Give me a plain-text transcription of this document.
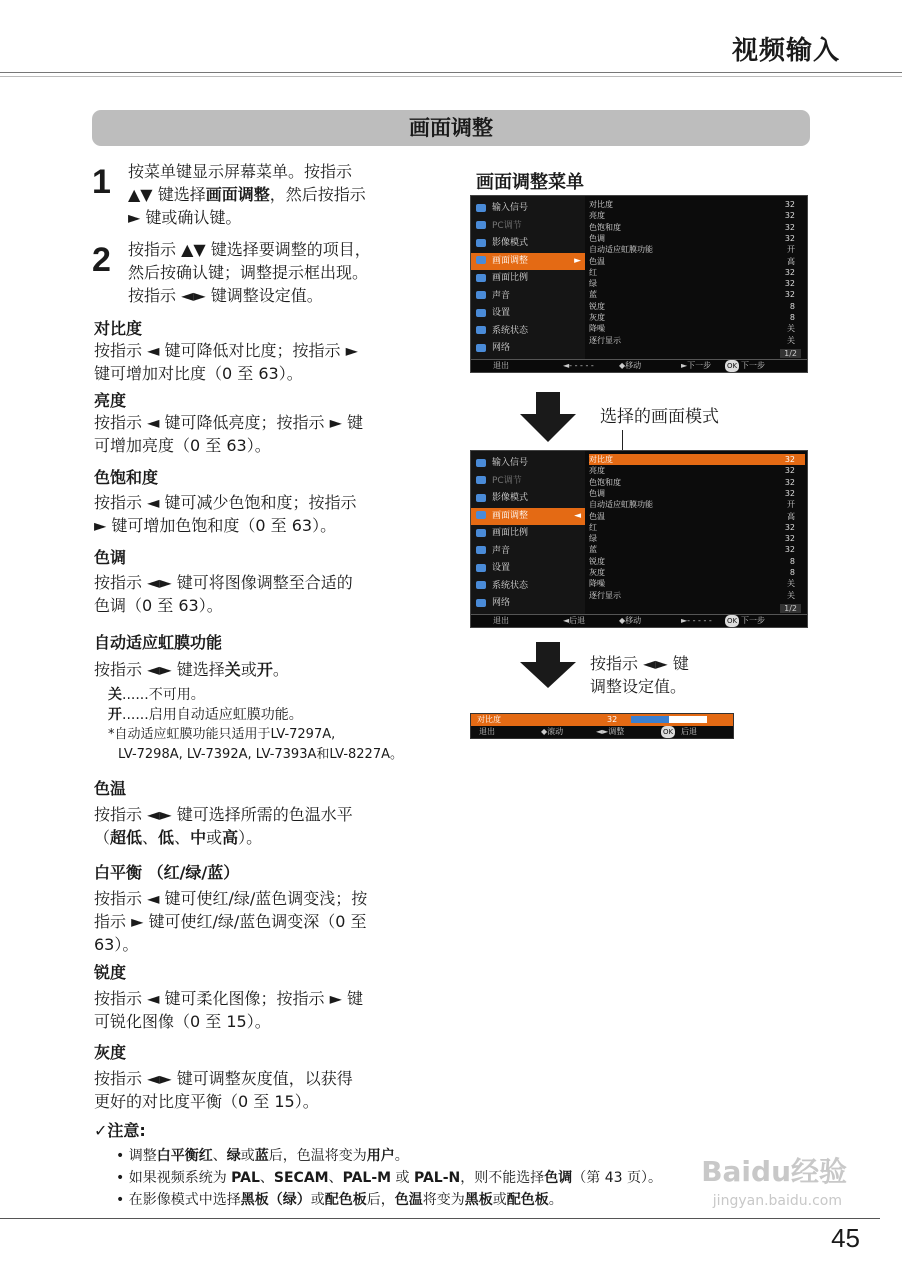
视频输入
画面调整
1 按菜单键显示屏幕菜单。按指示
▲▼ 键选择画面调整，然后按指示
► 键或确认键。
2 按指示 ▲▼ 键选择要调整的项目，
然后按确认键；调整提示框出现。
按指示 ◄► 键调整设定值。
对比度
按指示 ◄ 键可降低对比度；按指示 ►
键可增加对比度（0 至 63）。
亮度
按指示 ◄ 键可降低亮度；按指示 ► 键
可增加亮度（0 至 63）。
色饱和度
按指示 ◄ 键可减少色饱和度；按指示
► 键可增加色饱和度（0 至 63）。
色调
按指示 ◄► 键可将图像调整至合适的
色调（0 至 63）。
自动适应虹膜功能
按指示 ◄► 键选择关或开。
关......不可用。
开......启用自动适应虹膜功能。
*自动适应虹膜功能只适用于LV-7297A,
LV-7298A, LV-7392A, LV-7393A和LV-8227A。
色温
按指示 ◄► 键可选择所需的色温水平
（超低、低、中或高）。
白平衡 （红/绿/蓝）
按指示 ◄ 键可使红/绿/蓝色调变浅；按
指示 ► 键可使红/绿/蓝色调变深（0 至
63）。
锐度
按指示 ◄ 键可柔化图像；按指示 ► 键
可锐化图像（0 至 15）。
灰度
按指示 ◄► 键可调整灰度值，以获得
更好的对比度平衡（0 至 15）。
✓注意:
• 调整白平衡红、绿或蓝后，色温将变为用户。
• 如果视频系统为 PAL、SECAM、PAL-M 或 PAL-N，则不能选择色调（第 43 页）。
• 在影像模式中选择黑板（绿）或配色板后，色温将变为黑板或配色板。
画面调整菜单
输入信号
PC调节
影像模式
画面调整	►
画面比例
声音
设置
系统状态
网络
对比度	32
亮度	32
色饱和度	32
色调	32
自动适应虹膜功能	开
色温	高
红	32
绿	32
蓝	32
锐度	8
灰度	8
降噪	关
逐行显示	关
1/2
退出	◄- - - - -	◆移动	►下一步	下一步
OK
选择的画面模式
输入信号
PC调节
影像模式
画面调整	◄
画面比例
声音
设置
系统状态
网络
对比度	32
亮度	32
色饱和度	32
色调	32
自动适应虹膜功能	开
色温	高
红	32
绿	32
蓝	32
锐度	8
灰度	8
降噪	关
逐行显示	关
1/2
退出	◄后退	◆移动	►- - - - -	下一步
OK
按指示 ◄► 键
调整设定值。
对比度	32
退出	◆滚动	◄►调整	OK 后退
Baidu经验
jingyan.baidu.com
45
